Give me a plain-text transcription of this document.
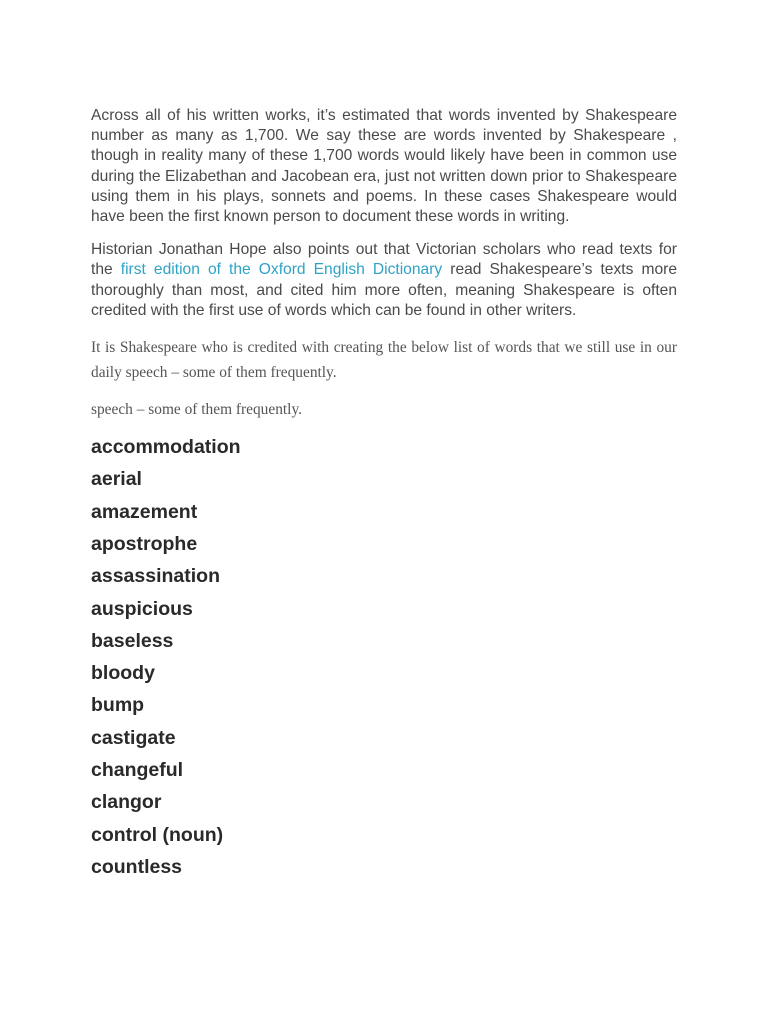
Across all of his written works, it’s estimated that words invented by Shakespeare number as many as 1,700. We say these are words invented by Shakespeare , though in reality many of these 1,700 words would likely have been in common use during the Elizabethan and Jacobean era, just not written down prior to Shakespeare using them in his plays, sonnets and poems. In these cases Shakespeare would have been the first known person to document these words in writing.

Historian Jonathan Hope also points out that Victorian scholars who read texts for the first edition of the Oxford English Dictionary read Shakespeare’s texts more thoroughly than most, and cited him more often, meaning Shakespeare is often credited with the first use of words which can be found in other writers.

It is Shakespeare who is credited with creating the below list of words that we still use in our daily speech – some of them frequently.

speech – some of them frequently.

accommodation
aerial
amazement
apostrophe
assassination
auspicious
baseless
bloody
bump
castigate
changeful
clangor
control (noun)
countless
